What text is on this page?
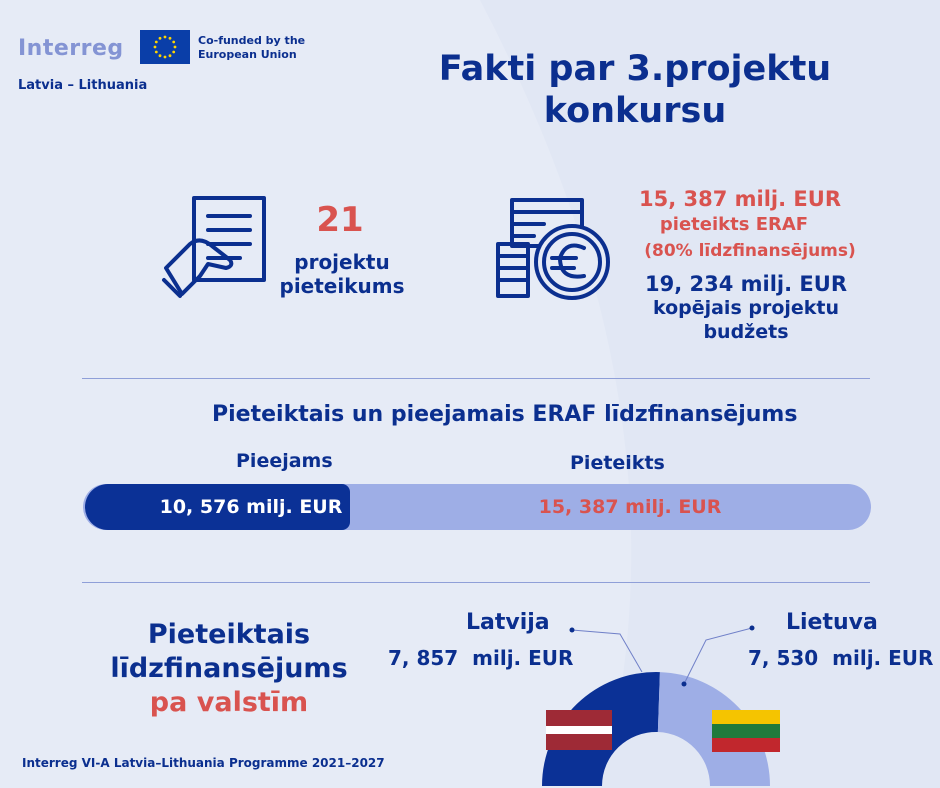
Interreg	Co-funded by the European Union
Latvia – Lithuania	Fakti par 3.projektu
konkursu
21
projektu
pieteikums
15, 387 milj. EUR
pieteikts ERAF
(80% līdzfinansējums)
19, 234 milj. EUR
kopējais projektu
budžets
Pieteiktais un pieejamais ERAF līdzfinansējums
Pieejams	Pieteikts
10, 576 milj. EUR	15, 387 milj. EUR
Pieteiktais
līdzfinansējums
pa valstīm
Latvija
7, 857  milj. EUR
Lietuva
7, 530  milj. EUR
Interreg VI-A Latvia–Lithuania Programme 2021–2027
